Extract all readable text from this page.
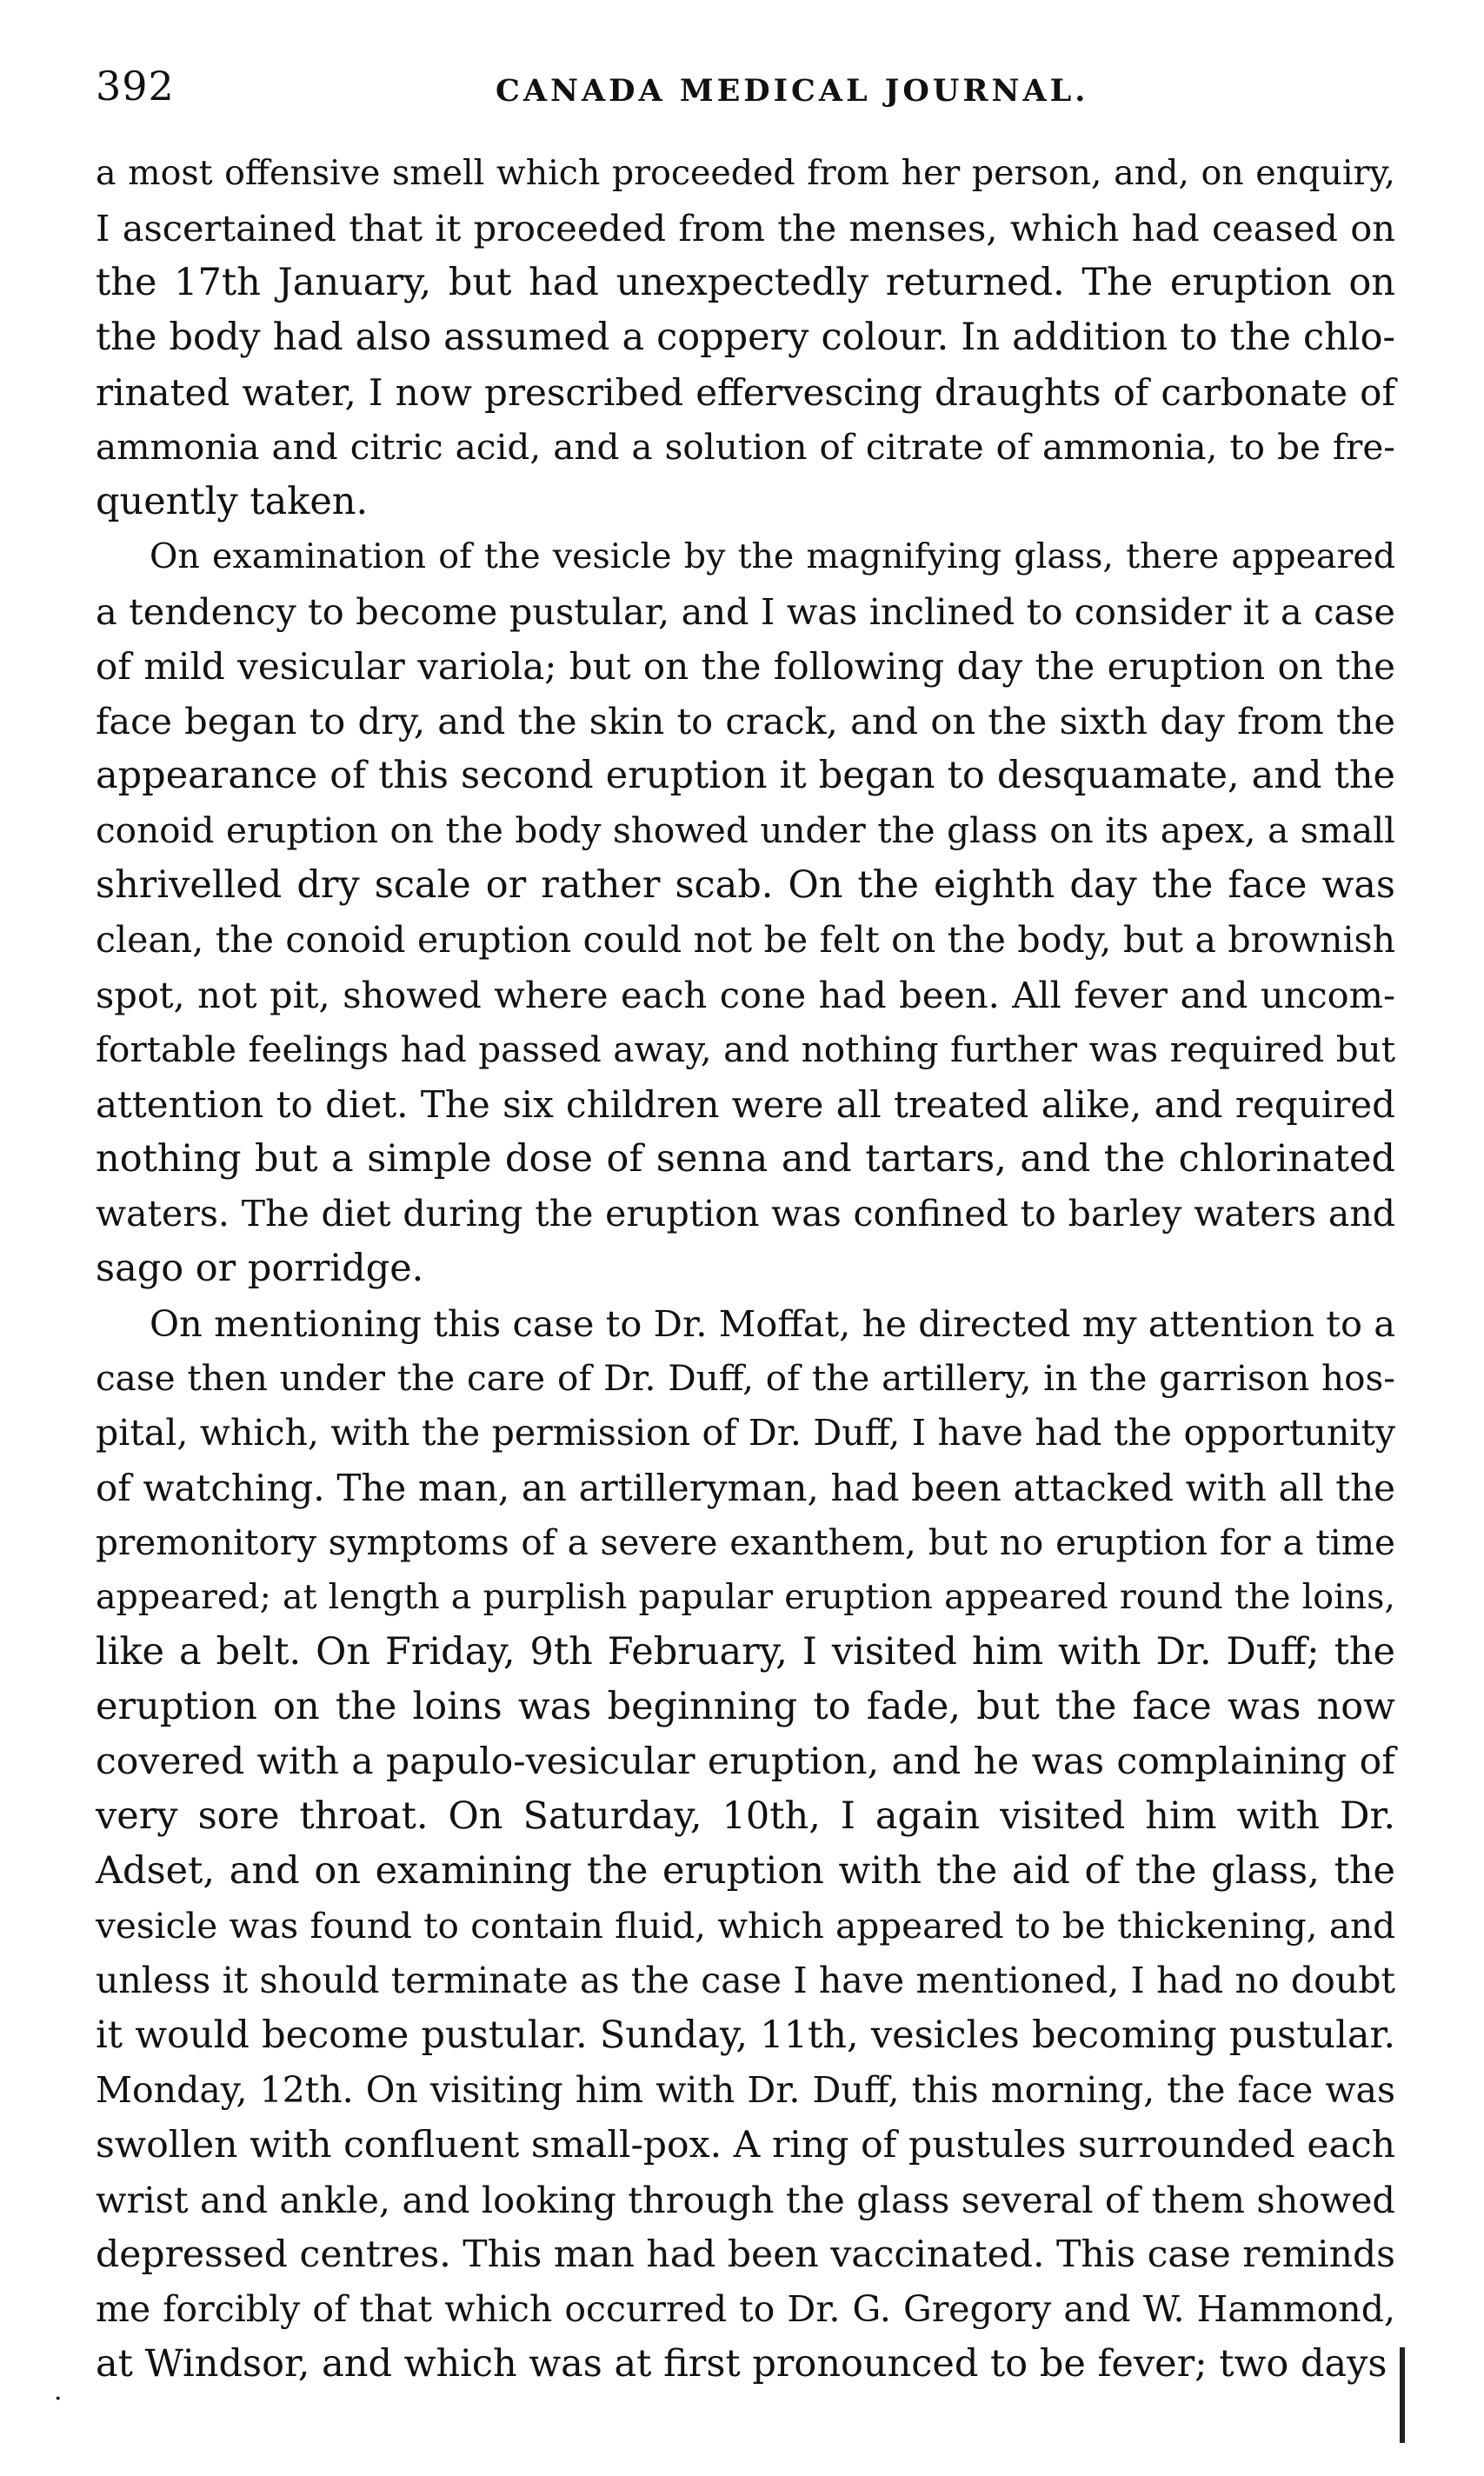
392	CANADA MEDICAL JOURNAL.
a most offensive smell which proceeded from her person, and, on enquiry,
I ascertained that it proceeded from the menses, which had ceased on
the 17th January, but had unexpectedly returned. The eruption on
the body had also assumed a coppery colour. In addition to the chlo-
rinated water, I now prescribed effervescing draughts of carbonate of
ammonia and citric acid, and a solution of citrate of ammonia, to be fre-
quently taken.
On examination of the vesicle by the magnifying glass, there appeared
a tendency to become pustular, and I was inclined to consider it a case
of mild vesicular variola; but on the following day the eruption on the
face began to dry, and the skin to crack, and on the sixth day from the
appearance of this second eruption it began to desquamate, and the
conoid eruption on the body showed under the glass on its apex, a small
shrivelled dry scale or rather scab. On the eighth day the face was
clean, the conoid eruption could not be felt on the body, but a brownish
spot, not pit, showed where each cone had been. All fever and uncom-
fortable feelings had passed away, and nothing further was required but
attention to diet. The six children were all treated alike, and required
nothing but a simple dose of senna and tartars, and the chlorinated
waters. The diet during the eruption was confined to barley waters and
sago or porridge.
On mentioning this case to Dr. Moffat, he directed my attention to a
case then under the care of Dr. Duff, of the artillery, in the garrison hos-
pital, which, with the permission of Dr. Duff, I have had the opportunity
of watching. The man, an artilleryman, had been attacked with all the
premonitory symptoms of a severe exanthem, but no eruption for a time
appeared; at length a purplish papular eruption appeared round the loins,
like a belt. On Friday, 9th February, I visited him with Dr. Duff; the
eruption on the loins was beginning to fade, but the face was now
covered with a papulo-vesicular eruption, and he was complaining of
very sore throat. On Saturday, 10th, I again visited him with Dr.
Adset, and on examining the eruption with the aid of the glass, the
vesicle was found to contain fluid, which appeared to be thickening, and
unless it should terminate as the case I have mentioned, I had no doubt
it would become pustular. Sunday, 11th, vesicles becoming pustular.
Monday, 12th. On visiting him with Dr. Duff, this morning, the face was
swollen with confluent small-pox. A ring of pustules surrounded each
wrist and ankle, and looking through the glass several of them showed
depressed centres. This man had been vaccinated. This case reminds
me forcibly of that which occurred to Dr. G. Gregory and W. Hammond,
at Windsor, and which was at first pronounced to be fever; two days
·
